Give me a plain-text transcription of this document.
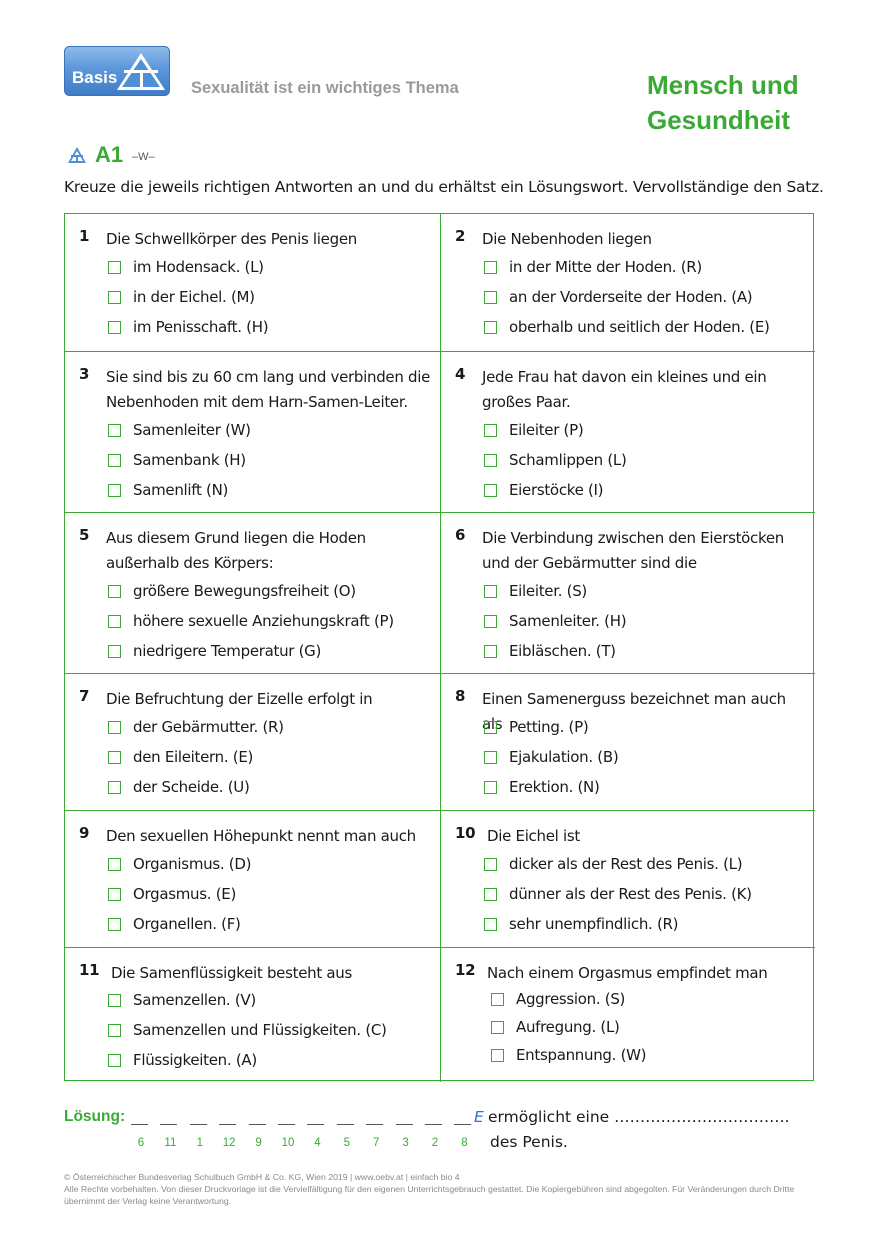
Basis
Sexualität ist ein wichtiges Thema	Mensch und
Gesundheit
A1 –W–
Kreuze die jeweils richtigen Antworten an und du erhältst ein Lösungswort. Vervollständige den Satz.
1 Die Schwellkörper des Penis liegen
im Hodensack. (L)
in der Eichel. (M)
im Penisschaft. (H)
2 Die Nebenhoden liegen
in der Mitte der Hoden. (R)
an der Vorderseite der Hoden. (A)
oberhalb und seitlich der Hoden. (E)
3 Sie sind bis zu 60 cm lang und verbinden die Nebenhoden mit dem Harn-Samen-Leiter.
Samenleiter (W)
Samenbank (H)
Samenlift (N)
4 Jede Frau hat davon ein kleines und ein großes Paar.
Eileiter (P)
Schamlippen (L)
Eierstöcke (I)
5 Aus diesem Grund liegen die Hoden außerhalb des Körpers:
größere Bewegungsfreiheit (O)
höhere sexuelle Anziehungskraft (P)
niedrigere Temperatur (G)
6 Die Verbindung zwischen den Eierstöcken und der Gebärmutter sind die
Eileiter. (S)
Samenleiter. (H)
Eibläschen. (T)
7 Die Befruchtung der Eizelle erfolgt in
der Gebärmutter. (R)
den Eileitern. (E)
der Scheide. (U)
8 Einen Samenerguss bezeichnet man auch als Petting. (P)
Ejakulation. (B)
Erektion. (N)
9 Den sexuellen Höhepunkt nennt man auch
Organismus. (D)
Orgasmus. (E)
Organellen. (F)
10 Die Eichel ist
dicker als der Rest des Penis. (L)
dünner als der Rest des Penis. (K)
sehr unempfindlich. (R)
11 Die Samenflüssigkeit besteht aus
Samenzellen. (V)
Samenzellen und Flüssigkeiten. (C)
Flüssigkeiten. (A)
12 Nach einem Orgasmus empfindet man
Aggression. (S)
Aufregung. (L)
Entspannung. (W)
Lösung:
6	11	1	12	9	10	4	5	7	3	2	8
E ermöglicht eine …………………………….
des Penis.
© Österreichischer Bundesverlag Schulbuch GmbH & Co. KG, Wien 2019 | www.oebv.at | einfach bio 4
Alle Rechte vorbehalten. Von dieser Druckvorlage ist die Vervielfältigung für den eigenen Unterrichtsgebrauch gestattet. Die Kopiergebühren sind abgegolten. Für Veränderungen durch Dritte übernimmt der Verlag keine Verantwortung.
